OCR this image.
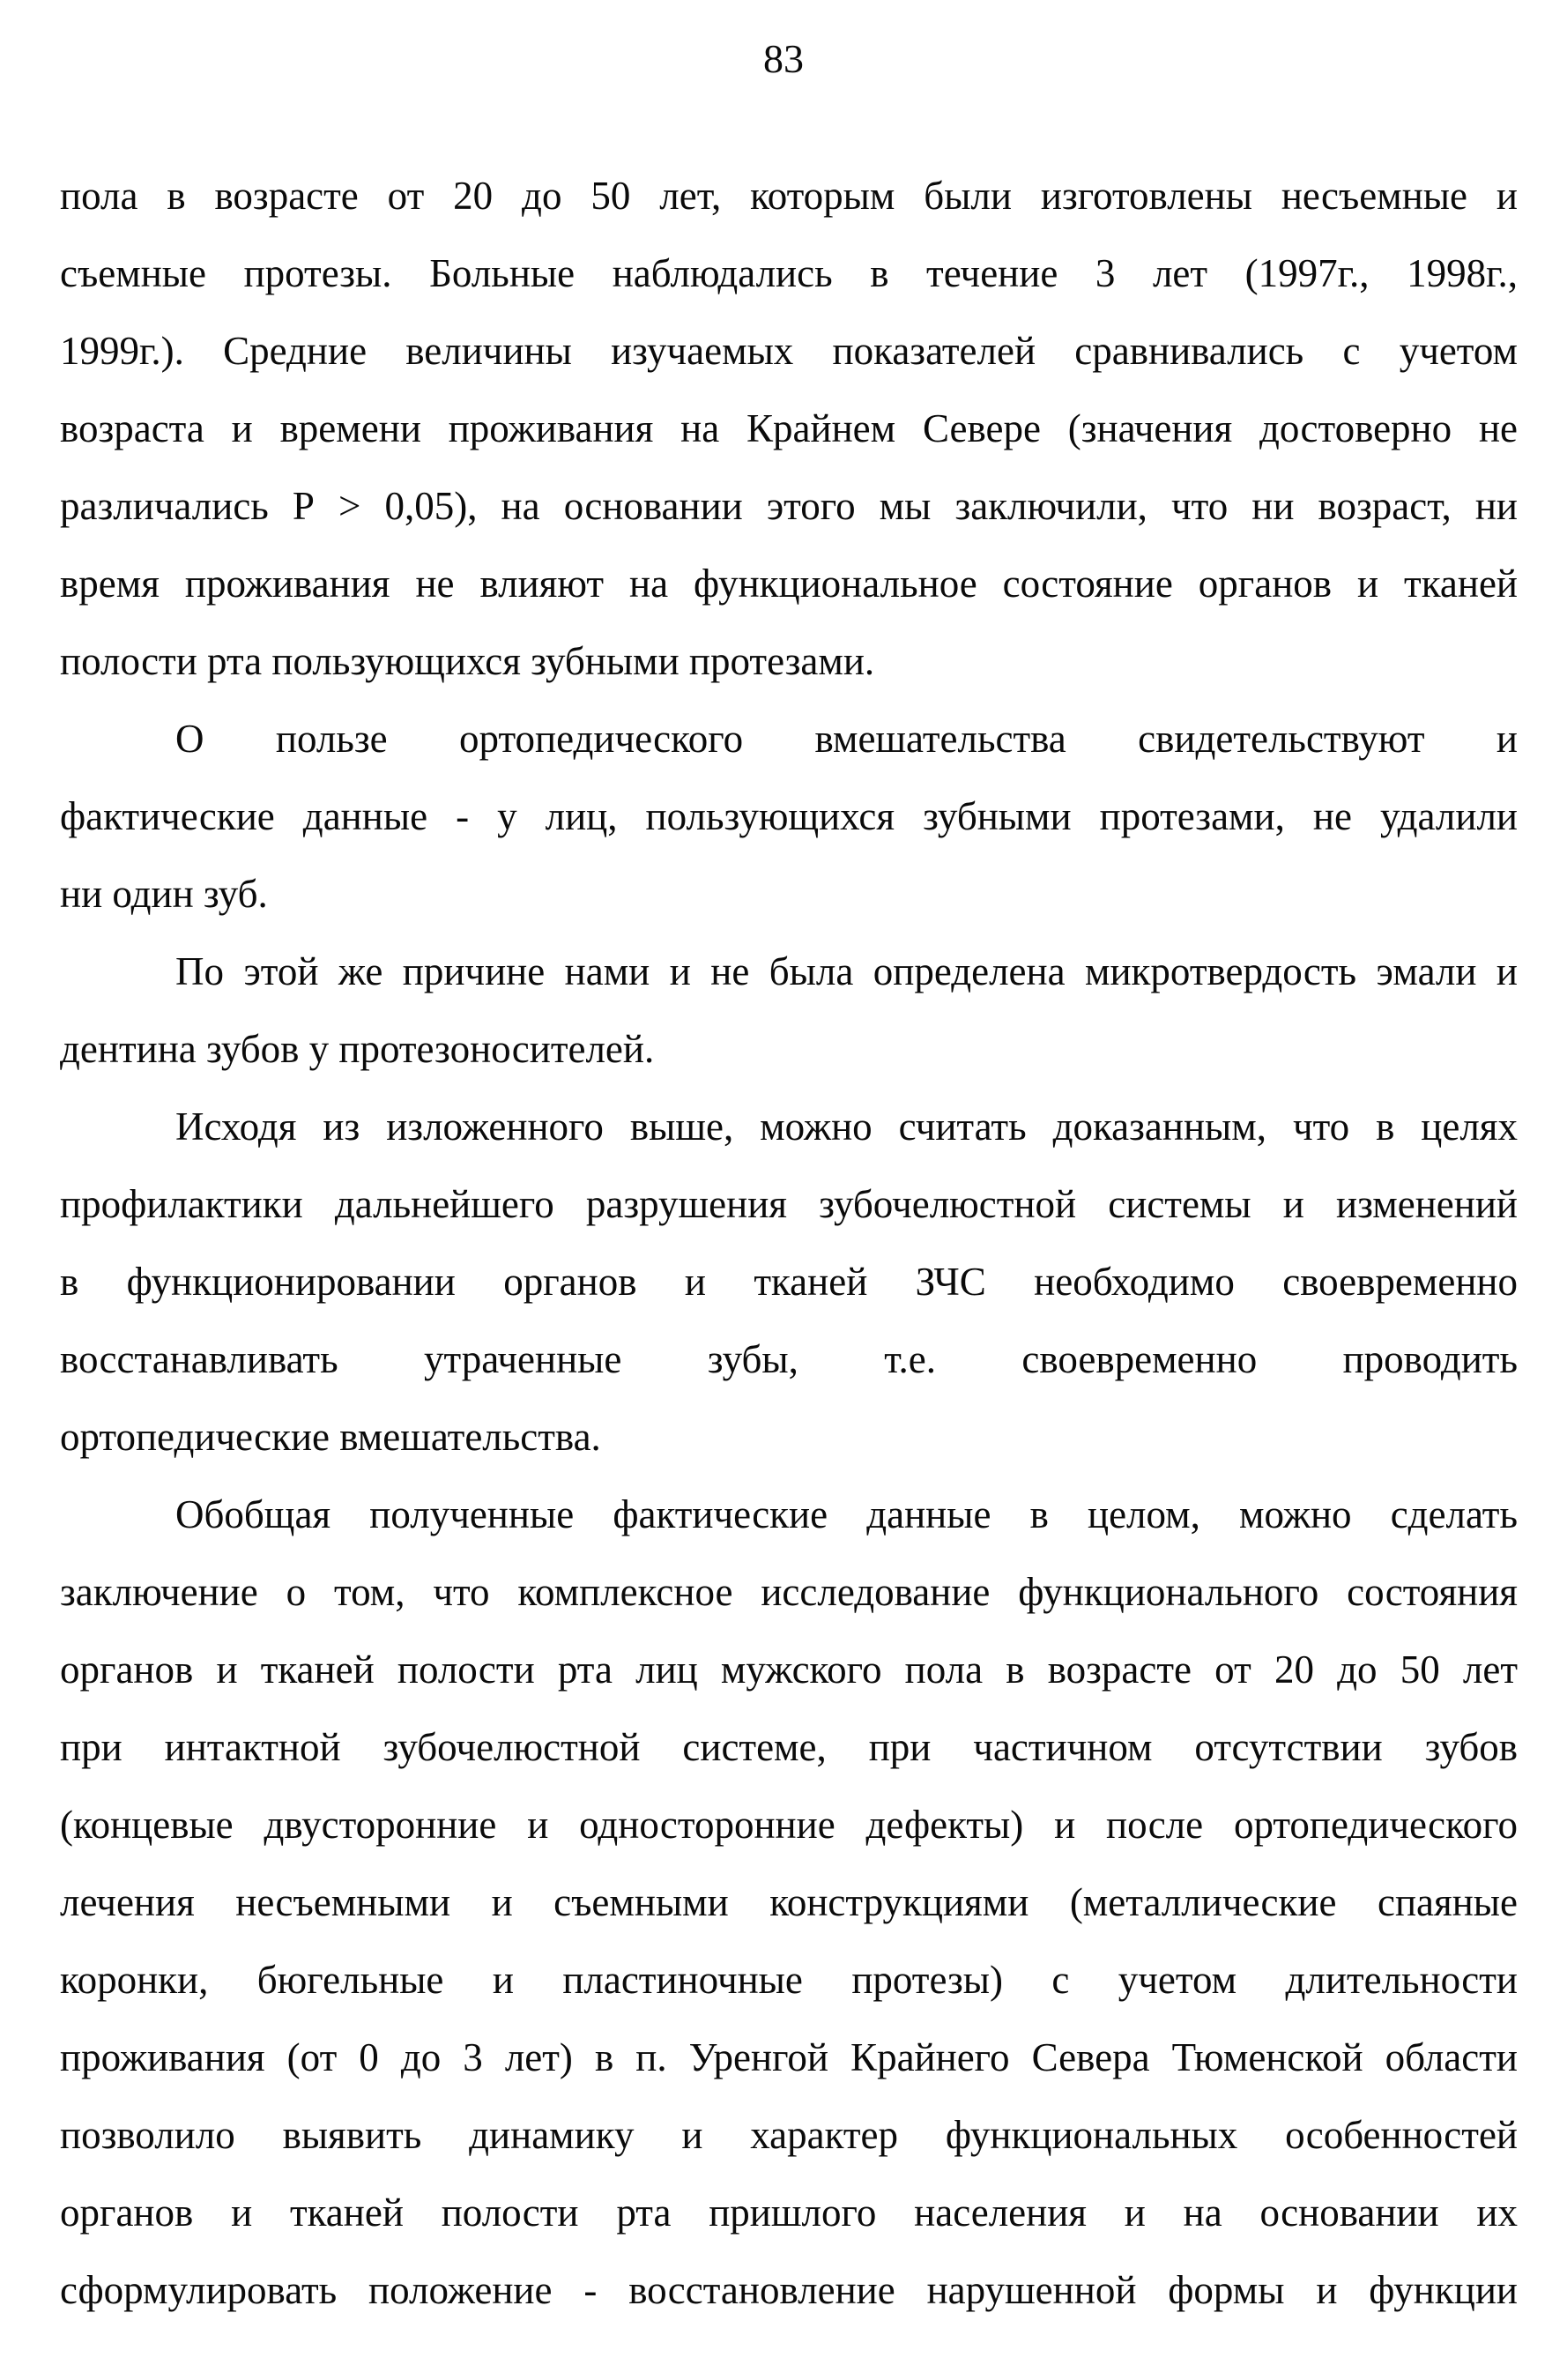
83
пола в возрасте от 20 до 50 лет, которым были изготовлены несъемные и
съемные протезы. Больные наблюдались в течение 3 лет (1997г., 1998г.,
1999г.). Средние величины изучаемых показателей сравнивались с учетом
возраста и времени проживания на Крайнем Севере (значения достоверно не
различались Р > 0,05), на основании этого мы заключили, что ни возраст, ни
время проживания не влияют на функциональное состояние органов и тканей
полости рта пользующихся зубными протезами.
О пользе ортопедического вмешательства свидетельствуют и
фактические данные - у лиц, пользующихся зубными протезами, не удалили
ни один зуб.
По этой же причине нами и не была определена микротвердость эмали и
дентина зубов у протезоносителей.
Исходя из изложенного выше, можно считать доказанным, что в целях
профилактики дальнейшего разрушения зубочелюстной системы и изменений
в функционировании органов и тканей ЗЧС необходимо своевременно
восстанавливать утраченные зубы, т.е. своевременно проводить
ортопедические вмешательства.
Обобщая полученные фактические данные в целом, можно сделать
заключение о том, что комплексное исследование функционального состояния
органов и тканей полости рта лиц мужского пола в возрасте от 20 до 50 лет
при интактной зубочелюстной системе, при частичном отсутствии зубов
(концевые двусторонние и односторонние дефекты) и после ортопедического
лечения несъемными и съемными конструкциями (металлические спаяные
коронки, бюгельные и пластиночные протезы) с учетом длительности
проживания (от 0 до 3 лет) в п. Уренгой Крайнего Севера Тюменской области
позволило выявить динамику и характер функциональных особенностей
органов и тканей полости рта пришлого населения и на основании их
сформулировать положение - восстановление нарушенной формы и функции
